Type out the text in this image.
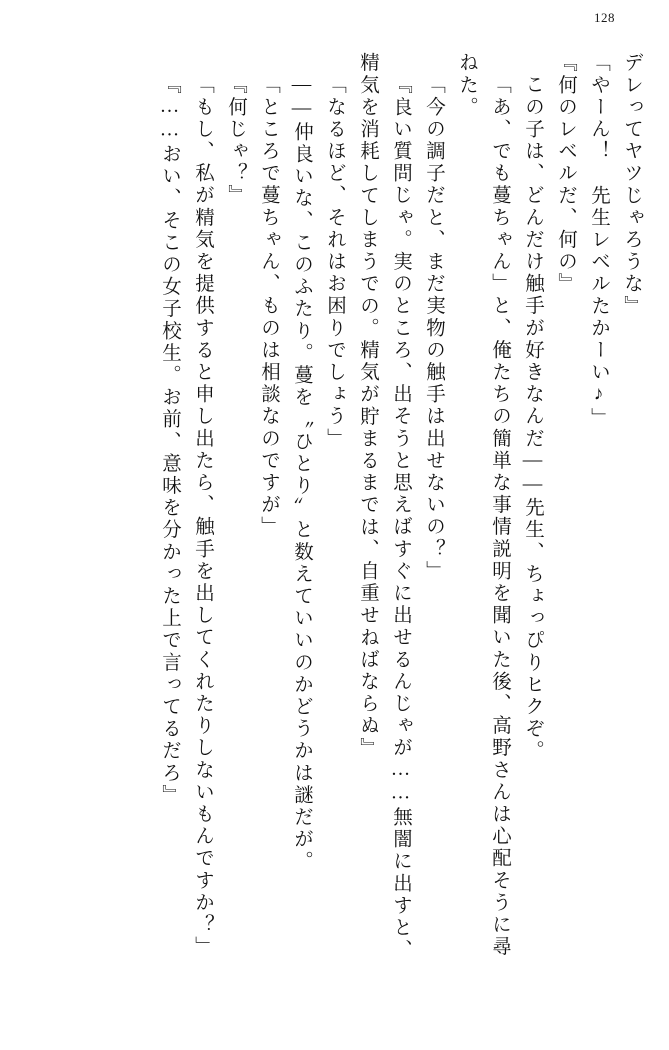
128
デレってヤツじゃろうな』
「やーん！　先生レベルたかーい♪」
『何のレベルだ、何の』
この子は、どんだけ触手が好きなんだ——先生、ちょっぴりヒクぞ。
「あ、でも蔓ちゃん」と、俺たちの簡単な事情説明を聞いた後、高野さんは心配そうに尋
ねた。
「今の調子だと、まだ実物の触手は出せないの？」
『良い質問じゃ。実のところ、出そうと思えばすぐに出せるんじゃが……無闇に出すと、
精気を消耗してしまうでの。精気が貯まるまでは、自重せねばならぬ』
「なるほど、それはお困りでしょう」
——仲良いな、このふたり。蔓を〝ひとり〟と数えていいのかどうかは謎だが。
「ところで蔓ちゃん、ものは相談なのですが」
『何じゃ？』
「もし、私が精気を提供すると申し出たら、触手を出してくれたりしないもんですか？」
『……おい、そこの女子校生。お前、意味を分かった上で言ってるだろ』
